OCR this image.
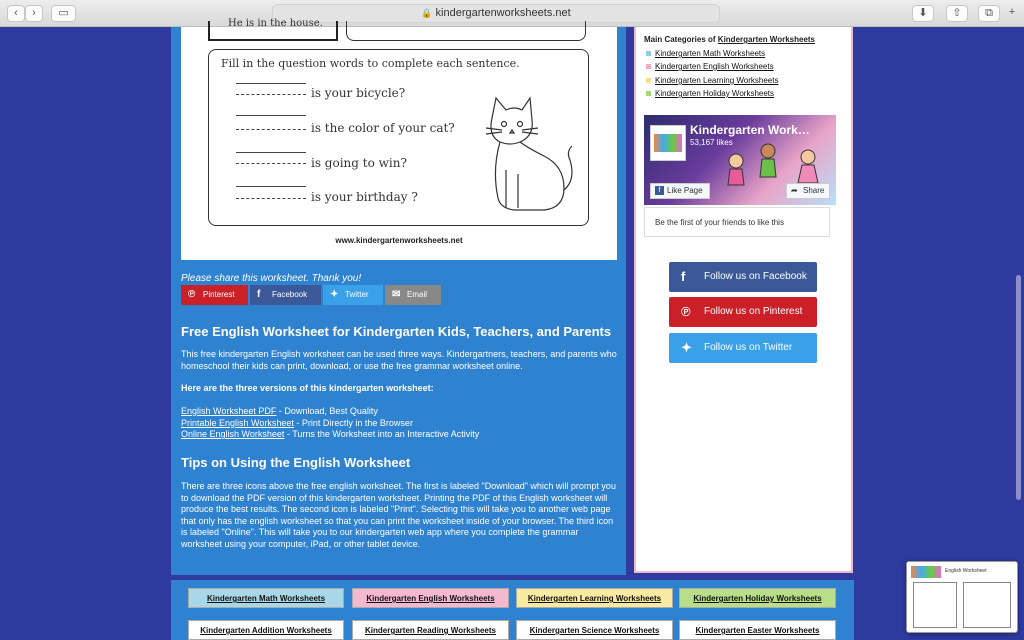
‹	›	▭	🔒 kindergartenworksheets.net	⬇	⇧	⧉	+
He is in the house.
Fill in the question words to complete each sentence.
is your bicycle?
is the color of your cat?
is going to win?
is your birthday ?
www.kindergartenworksheets.net
Please share this worksheet. Thank you!
℗ Pinterest	f Facebook	✦ Twitter	✉ Email
Free English Worksheet for Kindergarten Kids, Teachers, and Parents
This free kindergarten English worksheet can be used three ways. Kindergartners, teachers, and parents who homeschool their kids can print, download, or use the free grammar worksheet online.
Here are the three versions of this kindergarten worksheet:
English Worksheet PDF - Download, Best Quality
Printable English Worksheet - Print Directly in the Browser
Online English Worksheet - Turns the Worksheet into an Interactive Activity
Tips on Using the English Worksheet
There are three icons above the free english worksheet. The first is labeled "Download" which will prompt you to download the PDF version of this kindergarten worksheet. Printing the PDF of this English worksheet will produce the best results. The second icon is labeled "Print". Selecting this will take you to another web page that only has the english worksheet so that you can print the worksheet inside of your browser. The third icon is labeled "Online". This will take you to our kindergarten web app where you complete the grammar worksheet using your computer, iPad, or other tablet device.
Main Categories of Kindergarten Worksheets
Kindergarten Math Worksheets
Kindergarten English Worksheets
Kindergarten Learning Worksheets
Kindergarten Holiday Worksheets
Kindergarten Work…
53,167 likes
f Like Page	➦ Share
Be the first of your friends to like this
f Follow us on Facebook
℗ Follow us on Pinterest
✦ Follow us on Twitter
Kindergarten Math Worksheets	Kindergarten English Worksheets	Kindergarten Learning Worksheets	Kindergarten Holiday Worksheets
Kindergarten Addition Worksheets	Kindergarten Reading Worksheets	Kindergarten Science Worksheets	Kindergarten Easter Worksheets
English Worksheet
